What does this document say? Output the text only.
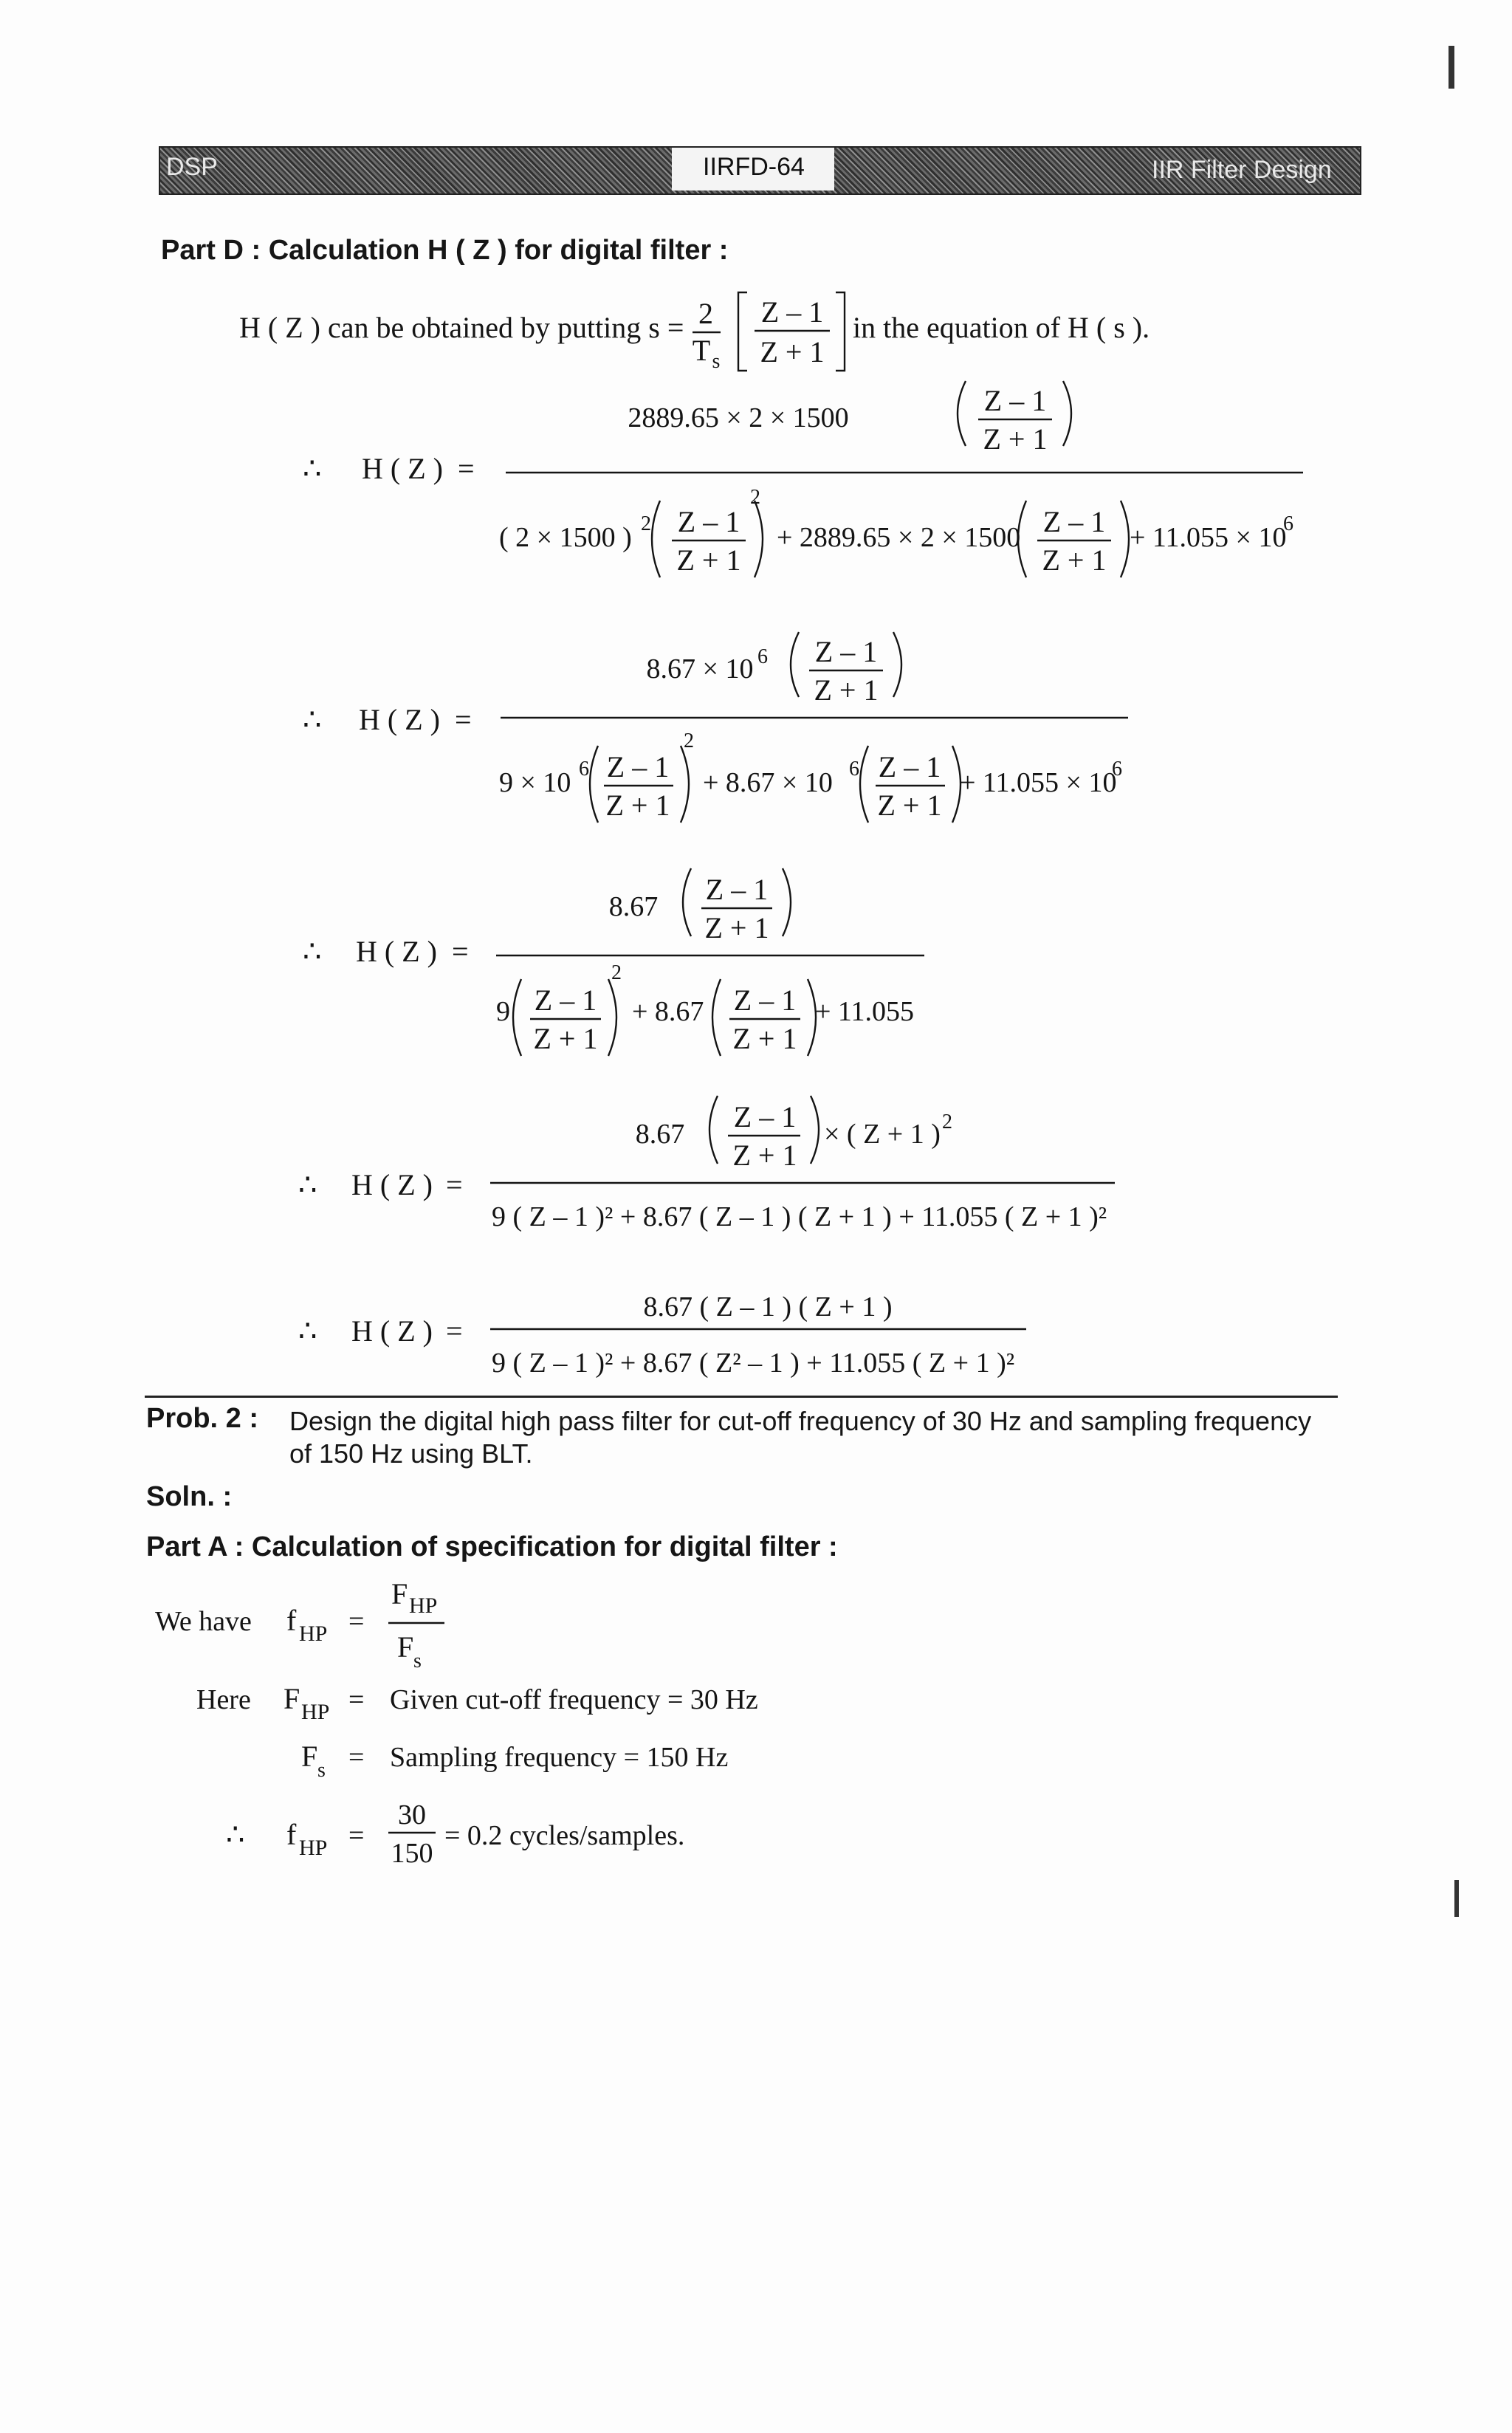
DSP	IIRFD-64	IIR Filter Design
Part D : Calculation H ( Z ) for digital filter :
H ( Z ) can be obtained by putting s = 2
T s
Z – 1
Z + 1
in the equation of H ( s ).
∴ H ( Z ) =
2889.65 × 2 × 1500
Z – 1
Z + 1
( 2 × 1500 ) 2 Z – 1
Z + 1
2
+ 2889.65 × 2 × 1500 Z – 1
Z + 1
+ 11.055 × 10
6
∴ H ( Z ) =
8.67 × 10 6 Z – 1
Z + 1
9 × 10 6 Z – 1
Z + 1
2
+ 8.67 × 10 6 Z – 1
Z + 1
+ 11.055 × 10
6
∴ H ( Z ) =
8.67
Z – 1
Z + 1
9 Z – 1
Z + 1
2
+ 8.67 Z – 1
Z + 1
+ 11.055
∴ H ( Z ) =
8.67
Z – 1
Z + 1
× ( Z + 1 ) 2
9 ( Z – 1 )² + 8.67 ( Z – 1 ) ( Z + 1 ) + 11.055 ( Z + 1 )²
∴ H ( Z ) =
8.67 ( Z – 1 ) ( Z + 1 )
9 ( Z – 1 )² + 8.67 ( Z² – 1 ) + 11.055 ( Z + 1 )²
Prob. 2 : Design the digital high pass filter for cut-off frequency of 30 Hz and sampling frequency
of 150 Hz using BLT.
Soln. :
Part A : Calculation of specification for digital filter :
We have f HP =
F HP
F s
Here F HP = Given cut-off frequency = 30 Hz
F s = Sampling frequency = 150 Hz
∴ f HP =
30
150
= 0.2 cycles/samples.
